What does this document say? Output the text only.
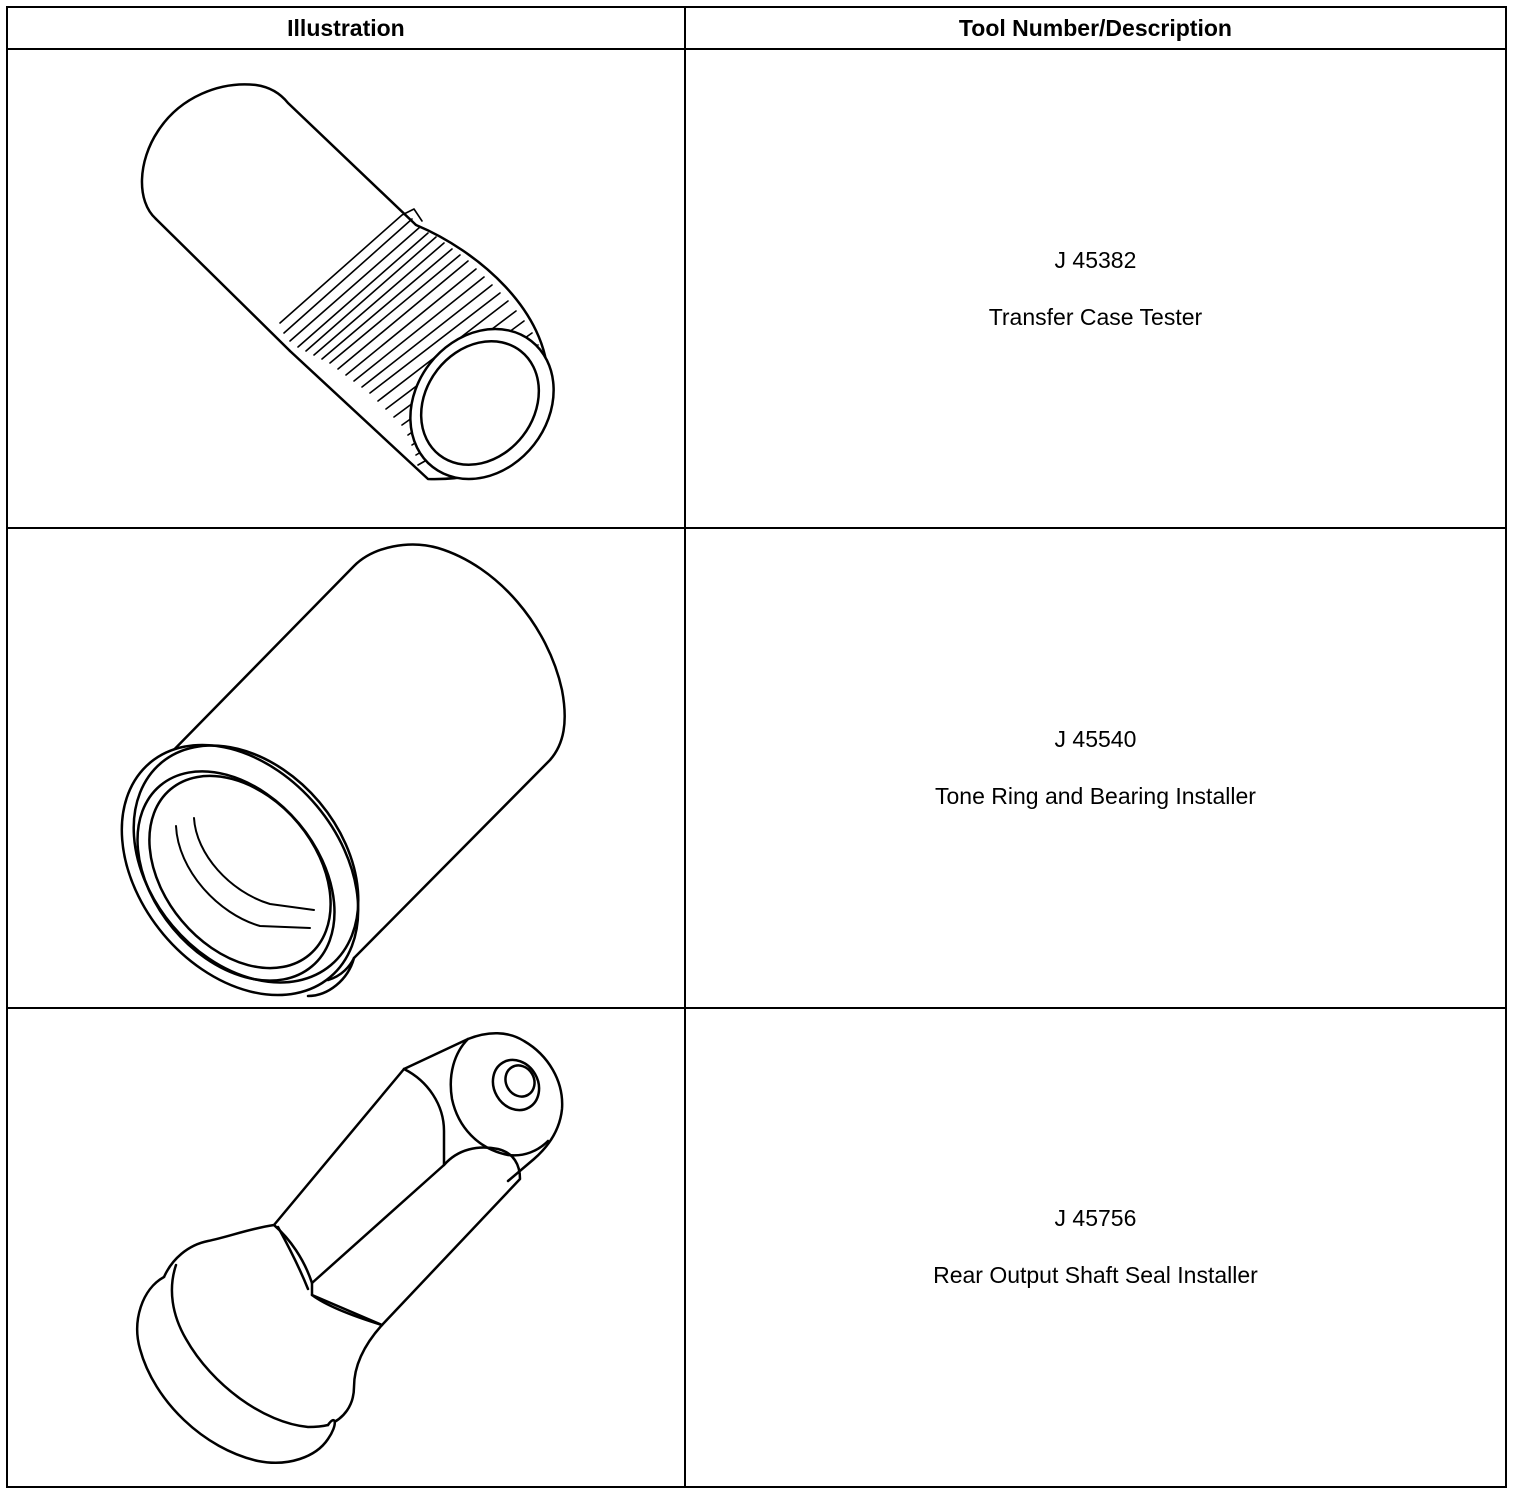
Illustration	Tool Number/Description

J 45382
Transfer Case Tester

J 45540
Tone Ring and Bearing Installer

J 45756
Rear Output Shaft Seal Installer
